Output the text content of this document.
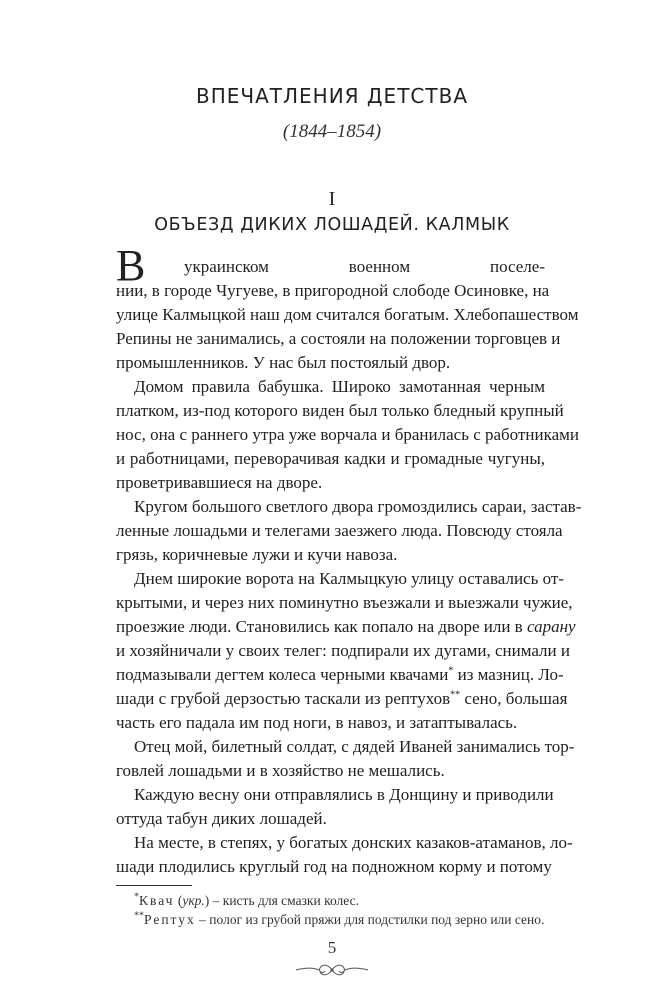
ВПЕЧАТЛЕНИЯ ДЕТСТВА
(1844–1854)
I
ОБЪЕЗД ДИКИХ ЛОШАДЕЙ. КАЛМЫК
В украинском военном поселе-
нии, в городе Чугуеве, в пригородной слободе Осиновке, на
улице Калмыцкой наш дом считался богатым. Хлебопашеством
Репины не занимались, а состояли на положении торговцев и
промышленников. У нас был постоялый двор.
Домом правила бабушка. Широко замотанная черным
платком, из-под которого виден был только бледный крупный
нос, она с раннего утра уже ворчала и бранилась с работниками
и работницами, переворачивая кадки и громадные чугуны,
проветривавшиеся на дворе.
Кругом большого светлого двора громоздились сараи, застав-
ленные лошадьми и телегами заезжего люда. Повсюду стояла
грязь, коричневые лужи и кучи навоза.
Днем широкие ворота на Калмыцкую улицу оставались от-
крытыми, и через них поминутно въезжали и выезжали чужие,
проезжие люди. Становились как попало на дворе или в сарану
и хозяйничали у своих телег: подпирали их дугами, снимали и
подмазывали дегтем колеса черными квачами* из мазниц. Ло-
шади с грубой дерзостью таскали из рептухов** сено, большая
часть его падала им под ноги, в навоз, и затаптывалась.
Отец мой, билетный солдат, с дядей Иваней занимались тор-
говлей лошадьми и в хозяйство не мешались.
Каждую весну они отправлялись в Донщину и приводили
оттуда табун диких лошадей.
На месте, в степях, у богатых донских казаков-атаманов, ло-
шади плодились круглый год на подножном корму и потому
*Квач (укр.) – кисть для смазки колес.
**Рептух – полог из грубой пряжи для подстилки под зерно или сено.
5
